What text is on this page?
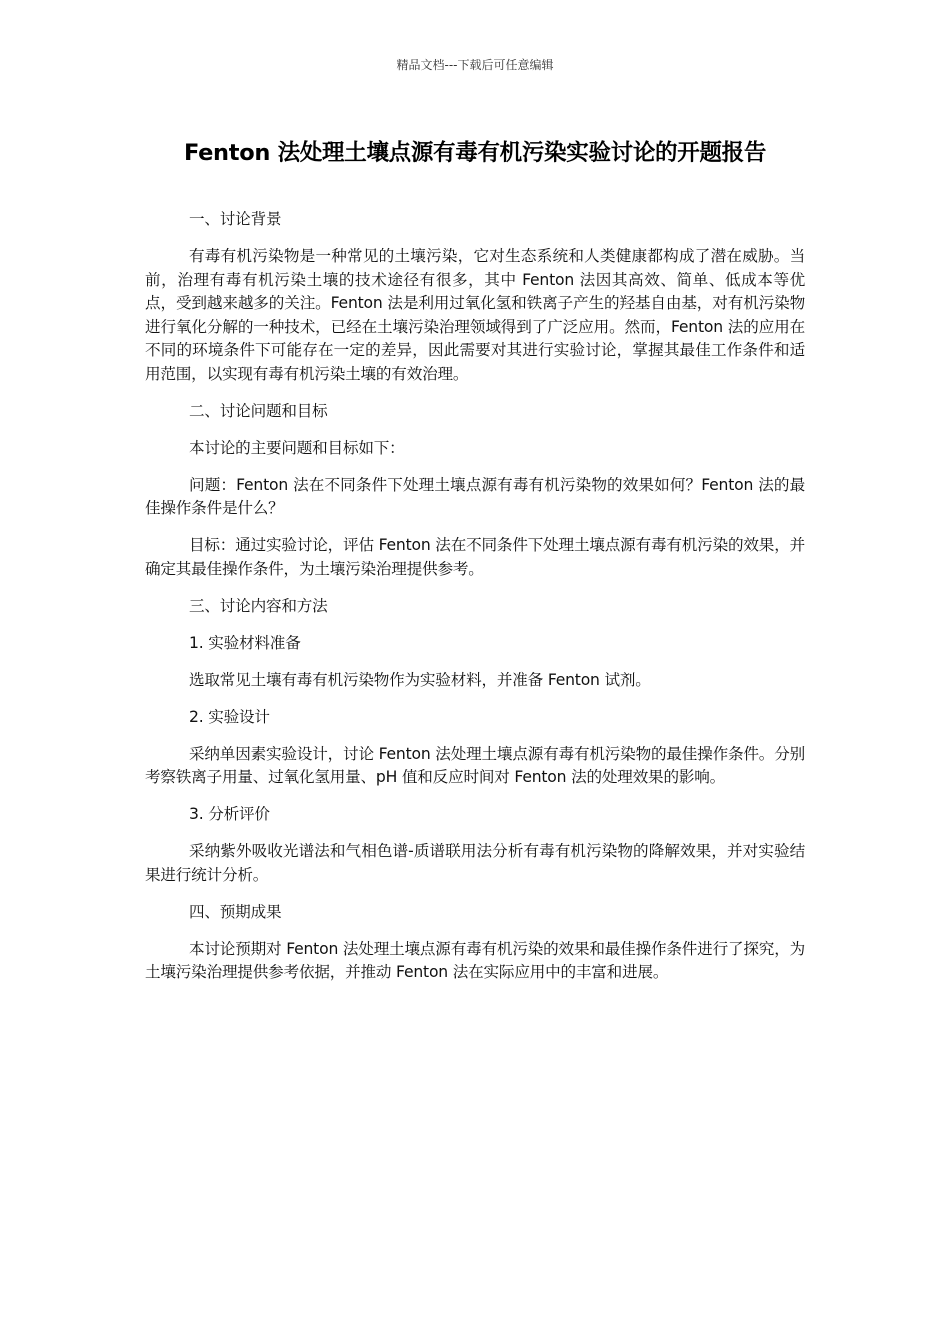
精品文档---下载后可任意编辑
Fenton 法处理土壤点源有毒有机污染实验讨论的开题报告

一、讨论背景

有毒有机污染物是一种常见的土壤污染，它对生态系统和人类健康都构成了潜在威胁。当前，治理有毒有机污染土壤的技术途径有很多，其中 Fenton 法因其高效、简单、低成本等优点，受到越来越多的关注。Fenton 法是利用过氧化氢和铁离子产生的羟基自由基，对有机污染物进行氧化分解的一种技术，已经在土壤污染治理领域得到了广泛应用。然而，Fenton 法的应用在不同的环境条件下可能存在一定的差异，因此需要对其进行实验讨论，掌握其最佳工作条件和适用范围，以实现有毒有机污染土壤的有效治理。

二、讨论问题和目标

本讨论的主要问题和目标如下：

问题：Fenton 法在不同条件下处理土壤点源有毒有机污染物的效果如何？Fenton 法的最佳操作条件是什么？

目标：通过实验讨论，评估 Fenton 法在不同条件下处理土壤点源有毒有机污染的效果，并确定其最佳操作条件，为土壤污染治理提供参考。

三、讨论内容和方法

1. 实验材料准备

选取常见土壤有毒有机污染物作为实验材料，并准备 Fenton 试剂。

2. 实验设计

采纳单因素实验设计，讨论 Fenton 法处理土壤点源有毒有机污染物的最佳操作条件。分别考察铁离子用量、过氧化氢用量、pH 值和反应时间对 Fenton 法的处理效果的影响。

3. 分析评价

采纳紫外吸收光谱法和气相色谱-质谱联用法分析有毒有机污染物的降解效果，并对实验结果进行统计分析。

四、预期成果

本讨论预期对 Fenton 法处理土壤点源有毒有机污染的效果和最佳操作条件进行了探究，为土壤污染治理提供参考依据，并推动 Fenton 法在实际应用中的丰富和进展。
